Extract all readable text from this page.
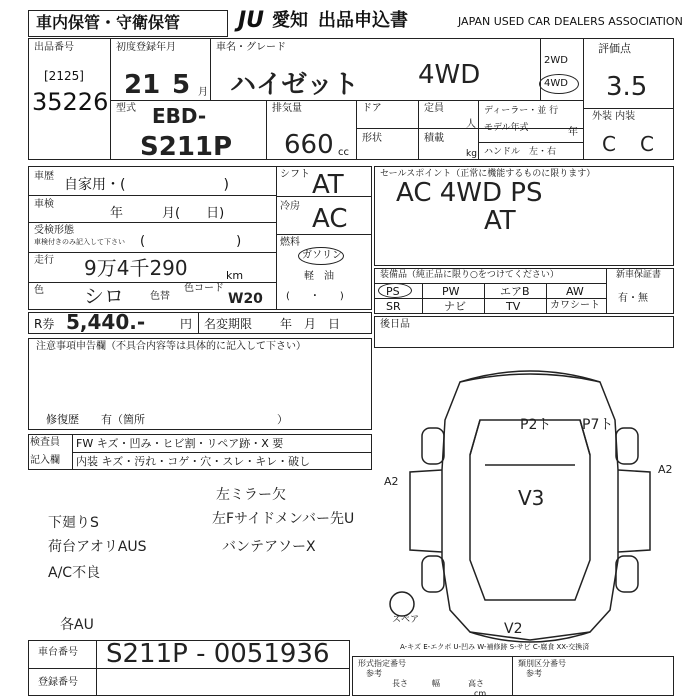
車内保管・守衛保管	JU 愛知 出品申込書	JAPAN USED CAR DEALERS ASSOCIATION
出品番号
[2125]
35226
初度登録年月
21 5 月
車名・グレード
ハイゼット 4WD	2WD
4WD
評価点
3.5
外装 内装
C C
型式 EBD-
S211P
排気量
660 cc
ドア	定員
人
ディーラー・並 行
モデル年式	年
形状	積載
kg ハンドル　左・右
車歴
自家用・(　　　　　　　)
車検
年　　　月(　　日)
受検形態
車検付きのみ記入して下さい (　　　　　　　)
走行 9万4千290	km
色 シロ	色替
色コード
W20
シフト AT
冷房 AC
燃料
ガソリン
軽　油
(　　・　　)
セールスポイント（正常に機能するものに限ります）
AC 4WD PS
AT
装備品（純正品に限り○をつけてください）
PS	PW	エアB	AW
SR	ナビ	TV	カワシート
新車保証書
有・無
R券 5,440.-	円 名変期限 年　月　日
注意事項申告欄（不具合内容等は具体的に記入して下さい）
修復歴　　有（箇所　　　　　　　　　　　　）
後日品
検査員
記入欄
FW キズ・凹み・ヒビ割・リペア跡・X 要
内装 キズ・汚れ・コゲ・穴・スレ・キレ・破し
左ミラー欠
下廻りS	左Fサイドメンバー先U
荷台アオリAUS	バンテアソーX
A/C不良
各AU
P2ト P7ト
A2
A2
V3
V2
スペア
A-キズ E-エクボ U-凹み W-補修跡 S-サビ C-腐食 XX-交換済
車台番号 S211P - 0051936
登録番号
形式指定番号
参考
長さ	幅	高さ
類別区分番号
参考
cm
